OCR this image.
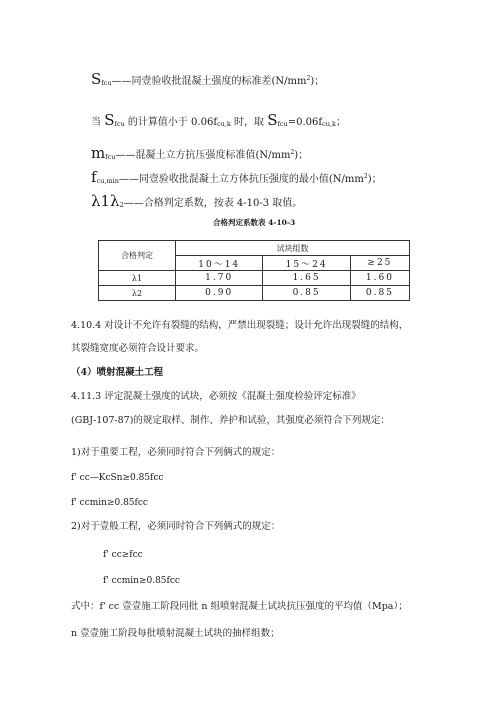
Sfcu——同壹验收批混凝土强度的标准差$(N/mm^2)$；
当 Sfcu 的计算值小于 0.06fcu,k 时，取 Sfcu=0.06fcu,k；
mfcu——混凝土立方抗压强度标准值$(N/mm^2)$；
fcu,min——同壹验收批混凝土立方体抗压强度的最小值$(N/mm^2)$；
λ1λ2——合格判定系数，按表 4-10-3 取值。
合格判定系数表 4-10-3
合格判定	试块组数		
	10～14	15～24	≥25
λ1	1.70	1.65	1.60
λ2	0.90	0.85	0.85
4.10.4 对设计不允许有裂缝的结构，严禁出现裂缝；设计允许出现裂缝的结构，
其裂缝宽度必须符合设计要求。
（4）喷射混凝土工程
4.11.3 评定混凝土强度的试块，必须按《混凝土强度检验评定标准》
(GBJ-107-87)的规定取样、制作、养护和试验，其强度必须符合下列规定：
1)对于重要工程，必须同时符合下列俩式的规定：
f' cc—KcSn≥0.85fcc
f' ccmin≥0.85fcc
2)对于壹般工程，必须同时符合下列俩式的规定：
f' cc≥fcc
f' ccmin≥0.85fcc
式中：f' cc 壹壹施工阶段同批 n 组喷射混凝土试块抗压强度的平均值（Mpa）；
n 壹壹施工阶段每批喷射混凝土试块的抽样组数；
